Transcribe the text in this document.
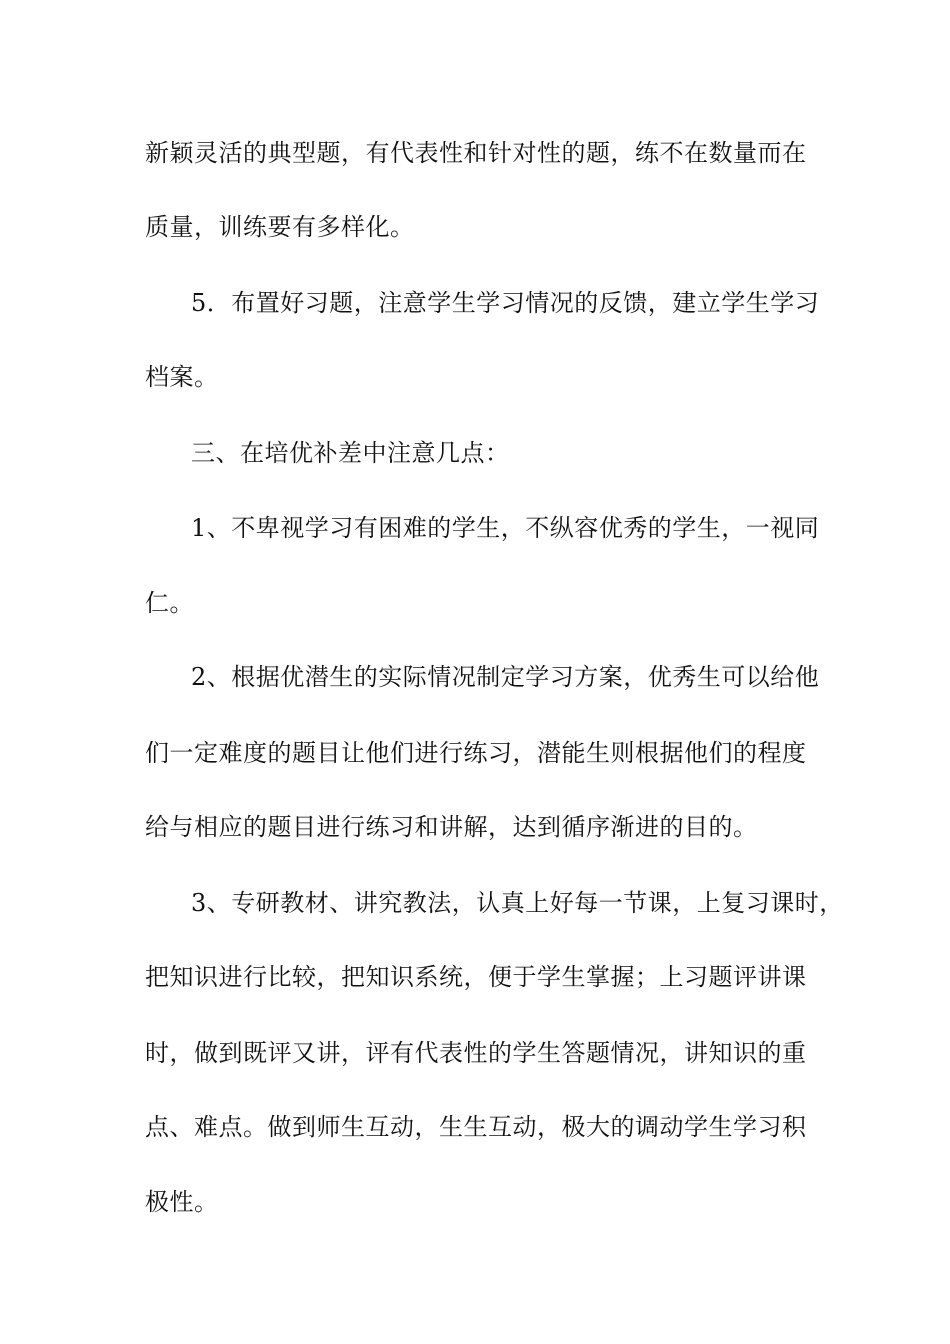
新颖灵活的典型题，有代表性和针对性的题，练不在数量而在
质量，训练要有多样化。
5．布置好习题，注意学生学习情况的反馈，建立学生学习
档案。
三、在培优补差中注意几点：
1、不卑视学习有困难的学生，不纵容优秀的学生，一视同
仁。
2、根据优潜生的实际情况制定学习方案，优秀生可以给他
们一定难度的题目让他们进行练习，潜能生则根据他们的程度
给与相应的题目进行练习和讲解，达到循序渐进的目的。
3、专研教材、讲究教法，认真上好每一节课，上复习课时，
把知识进行比较，把知识系统，便于学生掌握；上习题评讲课
时，做到既评又讲，评有代表性的学生答题情况，讲知识的重
点、难点。做到师生互动，生生互动，极大的调动学生学习积
极性。
